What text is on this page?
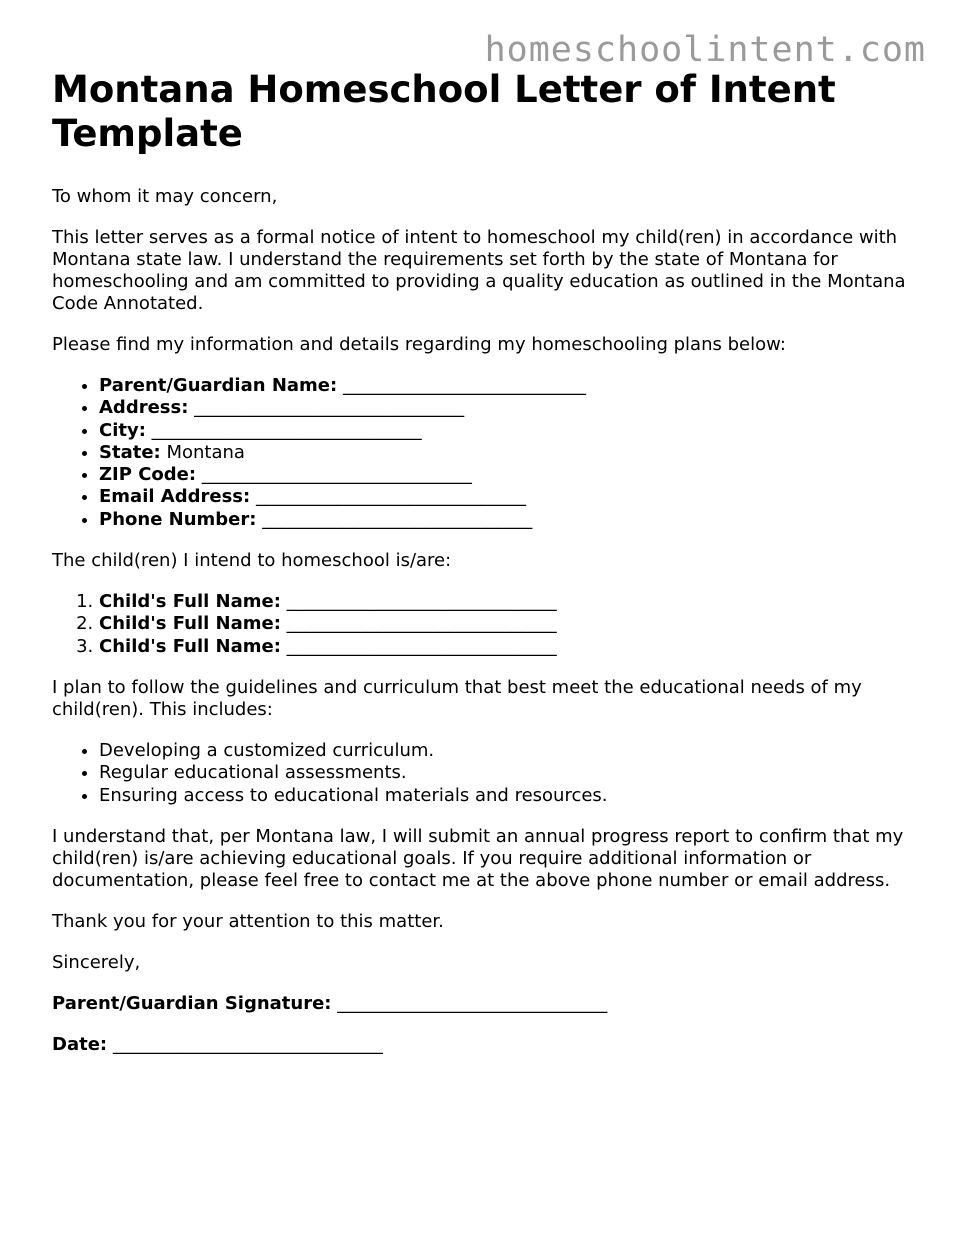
homeschoolintent.com
Montana Homeschool Letter of Intent Template

To whom it may concern,

This letter serves as a formal notice of intent to homeschool my child(ren) in accordance with Montana state law. I understand the requirements set forth by the state of Montana for homeschooling and am committed to providing a quality education as outlined in the Montana Code Annotated.

Please find my information and details regarding my homeschooling plans below:

• Parent/Guardian Name: ___________________________
• Address: ______________________________
• City: ______________________________
• State: Montana
• ZIP Code: ______________________________
• Email Address: ______________________________
• Phone Number: ______________________________

The child(ren) I intend to homeschool is/are:

1. Child's Full Name: ______________________________
2. Child's Full Name: ______________________________
3. Child's Full Name: ______________________________

I plan to follow the guidelines and curriculum that best meet the educational needs of my child(ren). This includes:

• Developing a customized curriculum.
• Regular educational assessments.
• Ensuring access to educational materials and resources.

I understand that, per Montana law, I will submit an annual progress report to confirm that my child(ren) is/are achieving educational goals. If you require additional information or documentation, please feel free to contact me at the above phone number or email address.

Thank you for your attention to this matter.

Sincerely,

Parent/Guardian Signature: ______________________________

Date: ______________________________
